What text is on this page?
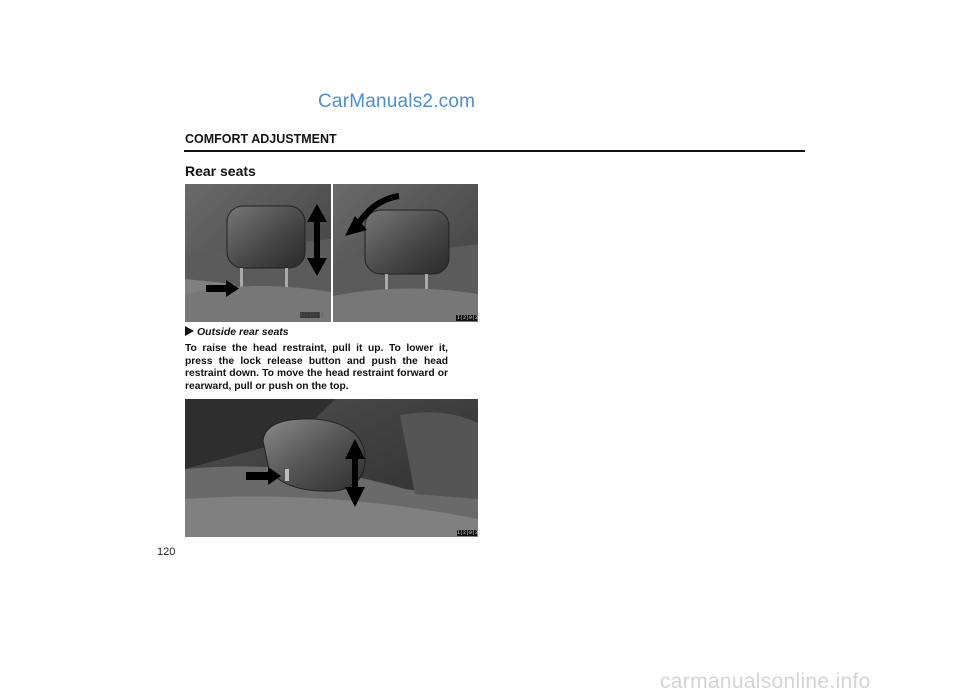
CarManuals2.com
COMFORT ADJUSTMENT
Rear seats
I(2)9(2)
Outside rear seats
To raise the head restraint, pull it up. To lower it, press the lock release button and push the head restraint down. To move the head restraint forward or rearward, pull or push on the top.
I(2)9(3)
120
carmanualsonline.info
I(2)9(1)
